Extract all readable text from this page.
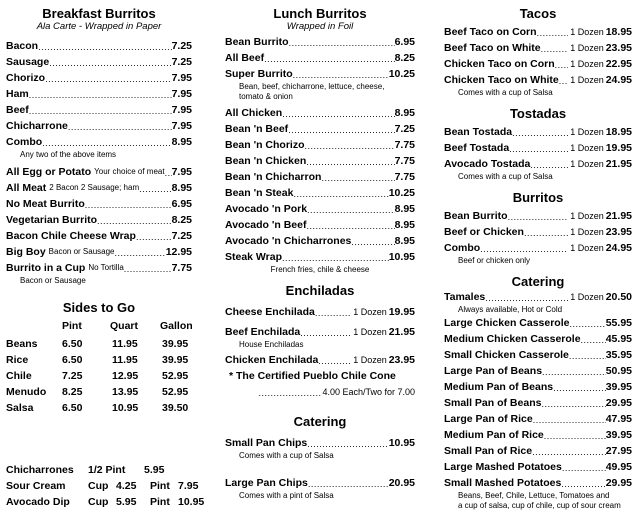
Breakfast Burritos
Ala Carte - Wrapped in Paper
Bacon .....	7.25
Sausage .....	7.25
Chorizo .....	7.95
Ham .....	7.95
Beef .....	7.95
Chicharrone .....	7.95
Combo .....	8.95
Any two of the above items
All Egg or Potato Your choice of meat ..... 7.95
All Meat 2 Bacon 2 Sausage; ham .....	8.95
No Meat Burrito .....	6.95
Vegetarian Burrito .....	8.25
Bacon Chile Cheese Wrap .....	7.25
Big Boy Bacon or Sausage .....	12.95
Burrito in a Cup No Tortilla .....	7.75
Bacon or Sausage
Sides to Go
Pint	Quart	Gallon
Beans	6.50	11.95	39.95
Rice	6.50	11.95	39.95
Chile	7.25	12.95	52.95
Menudo	8.25	13.95	52.95
Salsa	6.50	10.95	39.50
Chicharrones	1/2 Pint	5.95
Sour Cream	Cup 4.25	Pint 7.95
Avocado Dip	Cup 5.95	Pint 10.95
Lunch Burritos
Wrapped in Foil
Bean Burrito .....	6.95
All Beef .....	8.25
Super Burrito .....	10.25
Bean, beef, chicharrone, lettuce, cheese, tomato & onion
All Chicken .....	8.95
Bean 'n Beef .....	7.25
Bean 'n Chorizo .....	7.75
Bean 'n Chicken .....	7.75
Bean 'n Chicharron .....	7.75
Bean 'n Steak .....	10.25
Avocado 'n Pork .....	8.95
Avocado 'n Beef .....	8.95
Avocado 'n Chicharrones .....	8.95
Steak Wrap .....	10.95
French fries, chile & cheese
Enchiladas
Cheese Enchilada .....	1 Dozen 19.95
Beef Enchilada .....	1 Dozen 21.95
House Enchiladas
Chicken Enchilada .....	1 Dozen 23.95
* The Certified Pueblo Chile Cone
.....
4.00 Each/Two for 7.00
Catering
Small Pan Chips .....	10.95
Comes with a cup of Salsa
Large Pan Chips .....	20.95
Comes with a pint of Salsa
Tacos
Beef Taco on Corn .....	1 Dozen 18.95
Beef Taco on White .....	1 Dozen 23.95
Chicken Taco on Corn ..... 1 Dozen 22.95
Chicken Taco on White ..... 1 Dozen 24.95
Comes with a cup of Salsa
Tostadas
Bean Tostada .....	1 Dozen 18.95
Beef Tostada .....	1 Dozen 19.95
Avocado Tostada .....	1 Dozen 21.95
Comes with a cup of Salsa
Burritos
Bean Burrito .....	1 Dozen 21.95
Beef or Chicken .....	1 Dozen 23.95
Combo .....	1 Dozen 24.95
Beef or chicken only
Catering
Tamales .....	1 Dozen 20.50
Always available, Hot or Cold
Large Chicken Casserole .....	55.95
Medium Chicken Casserole ..... 45.95
Small Chicken Casserole .....	35.95
Large Pan of Beans .....	50.95
Medium Pan of Beans .....	39.95
Small Pan of Beans .....	29.95
Large Pan of Rice .....	47.95
Medium Pan of Rice .....	39.95
Small Pan of Rice .....	27.95
Large Mashed Potatoes .....	49.95
Small Mashed Potatoes .....	29.95
Beans, Beef, Chile, Lettuce, Tomatoes and
a cup of salsa, cup of chile, cup of sour cream
